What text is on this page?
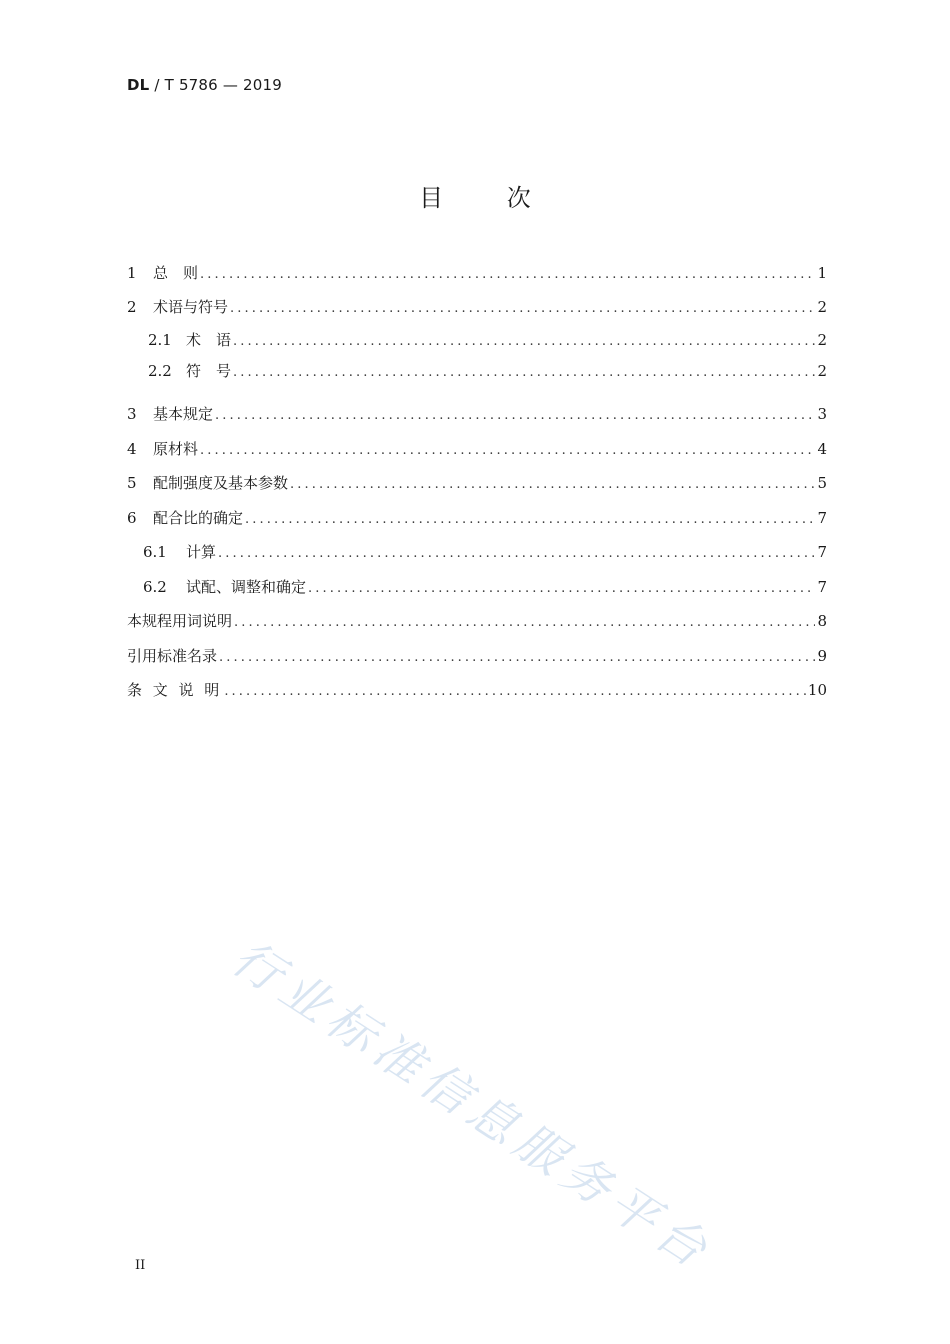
DL / T 5786 — 2019
目 次
1	总　则 .....	1
2	术语与符号 .....	2
2.1 术　语 .....	2
2.2 符　号 .....	2
3	基本规定 .....	3
4	原材料 .....	4
5	配制强度及基本参数 .....	5
6	配合比的确定 .....	7
6.1	计算 .....	7
6.2	试配、调整和确定 .....	7
本规程用词说明 .....	8
引用标准名录 .....	9
条 文 说 明 .....	10
行业标准信息服务平台
II
